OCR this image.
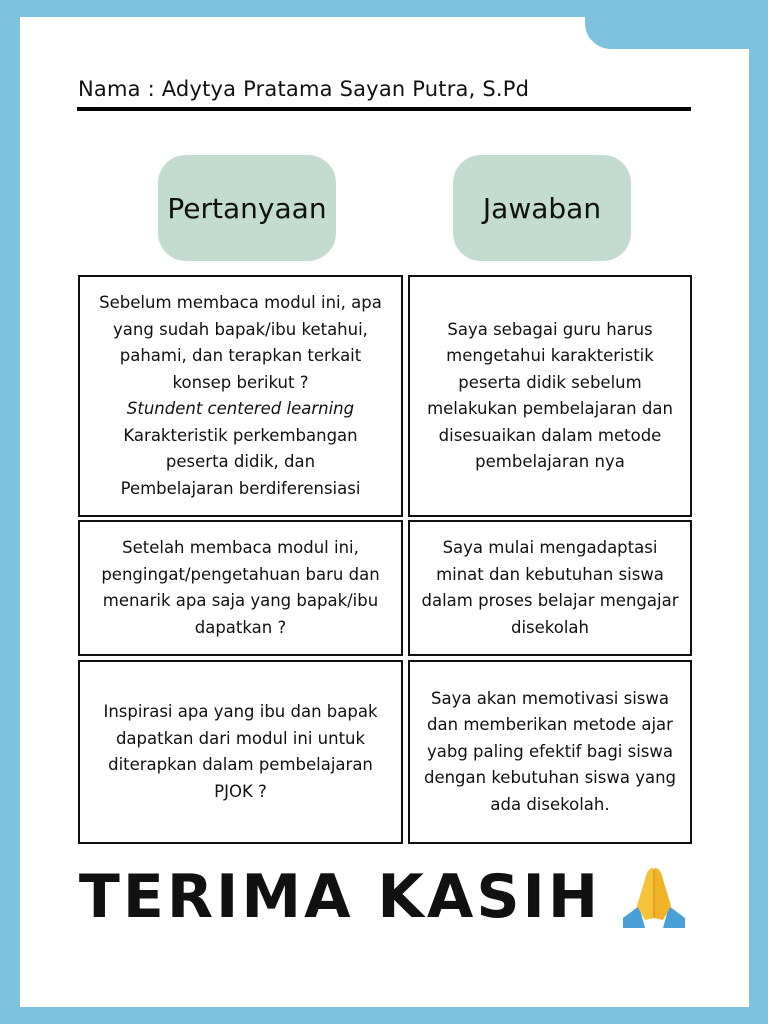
Nama : Adytya Pratama Sayan Putra, S.Pd
Pertanyaan	Jawaban

Sebelum membaca modul ini, apa

yang sudah bapak/ibu ketahui,

pahami, dan terapkan terkait

konsep berikut ?

Stundent centered learning

Karakteristik perkembangan

peserta didik, dan

Pembelajaran berdiferensiasi

Saya sebagai guru harus

mengetahui karakteristik

peserta didik sebelum

melakukan pembelajaran dan

disesuaikan dalam metode

pembelajaran nya

Setelah membaca modul ini,

pengingat/pengetahuan baru dan

menarik apa saja yang bapak/ibu

dapatkan ?

Saya mulai mengadaptasi

minat dan kebutuhan siswa

dalam proses belajar mengajar

disekolah

Inspirasi apa yang ibu dan bapak

dapatkan dari modul ini untuk

diterapkan dalam pembelajaran

PJOK ?

Saya akan memotivasi siswa

dan memberikan metode ajar

yabg paling efektif bagi siswa

dengan kebutuhan siswa yang

ada disekolah.

TERIMA KASIH
